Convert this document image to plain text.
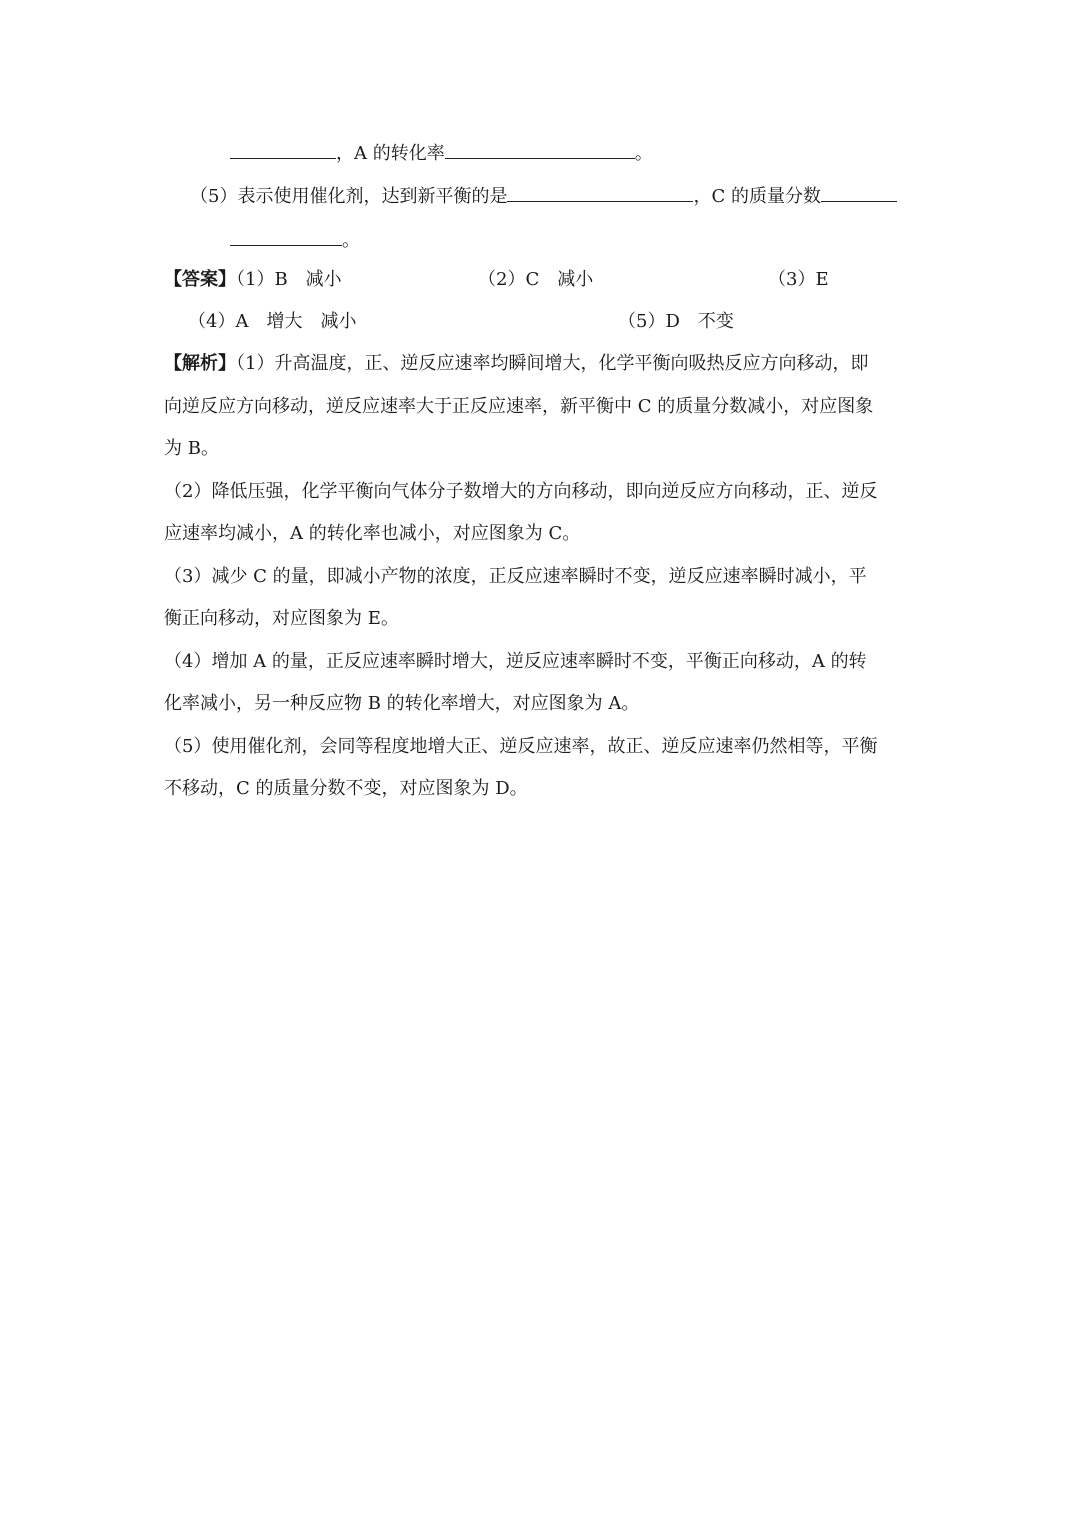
，A 的转化率	。
（5）表示使用催化剂，达到新平衡的是	，C 的质量分数
。
【答案】（1）B　减小	（2）C　减小	（3）E
（4）A　增大　减小	（5）D　不变
【解析】（1）升高温度，正、逆反应速率均瞬间增大，化学平衡向吸热反应方向移动，即
向逆反应方向移动，逆反应速率大于正反应速率，新平衡中 C 的质量分数减小，对应图象
为 B。
（2）降低压强，化学平衡向气体分子数增大的方向移动，即向逆反应方向移动，正、逆反
应速率均减小，A 的转化率也减小，对应图象为 C。
（3）减少 C 的量，即减小产物的浓度，正反应速率瞬时不变，逆反应速率瞬时减小，平
衡正向移动，对应图象为 E。
（4）增加 A 的量，正反应速率瞬时增大，逆反应速率瞬时不变，平衡正向移动，A 的转
化率减小，另一种反应物 B 的转化率增大，对应图象为 A。
（5）使用催化剂，会同等程度地增大正、逆反应速率，故正、逆反应速率仍然相等，平衡
不移动，C 的质量分数不变，对应图象为 D。
